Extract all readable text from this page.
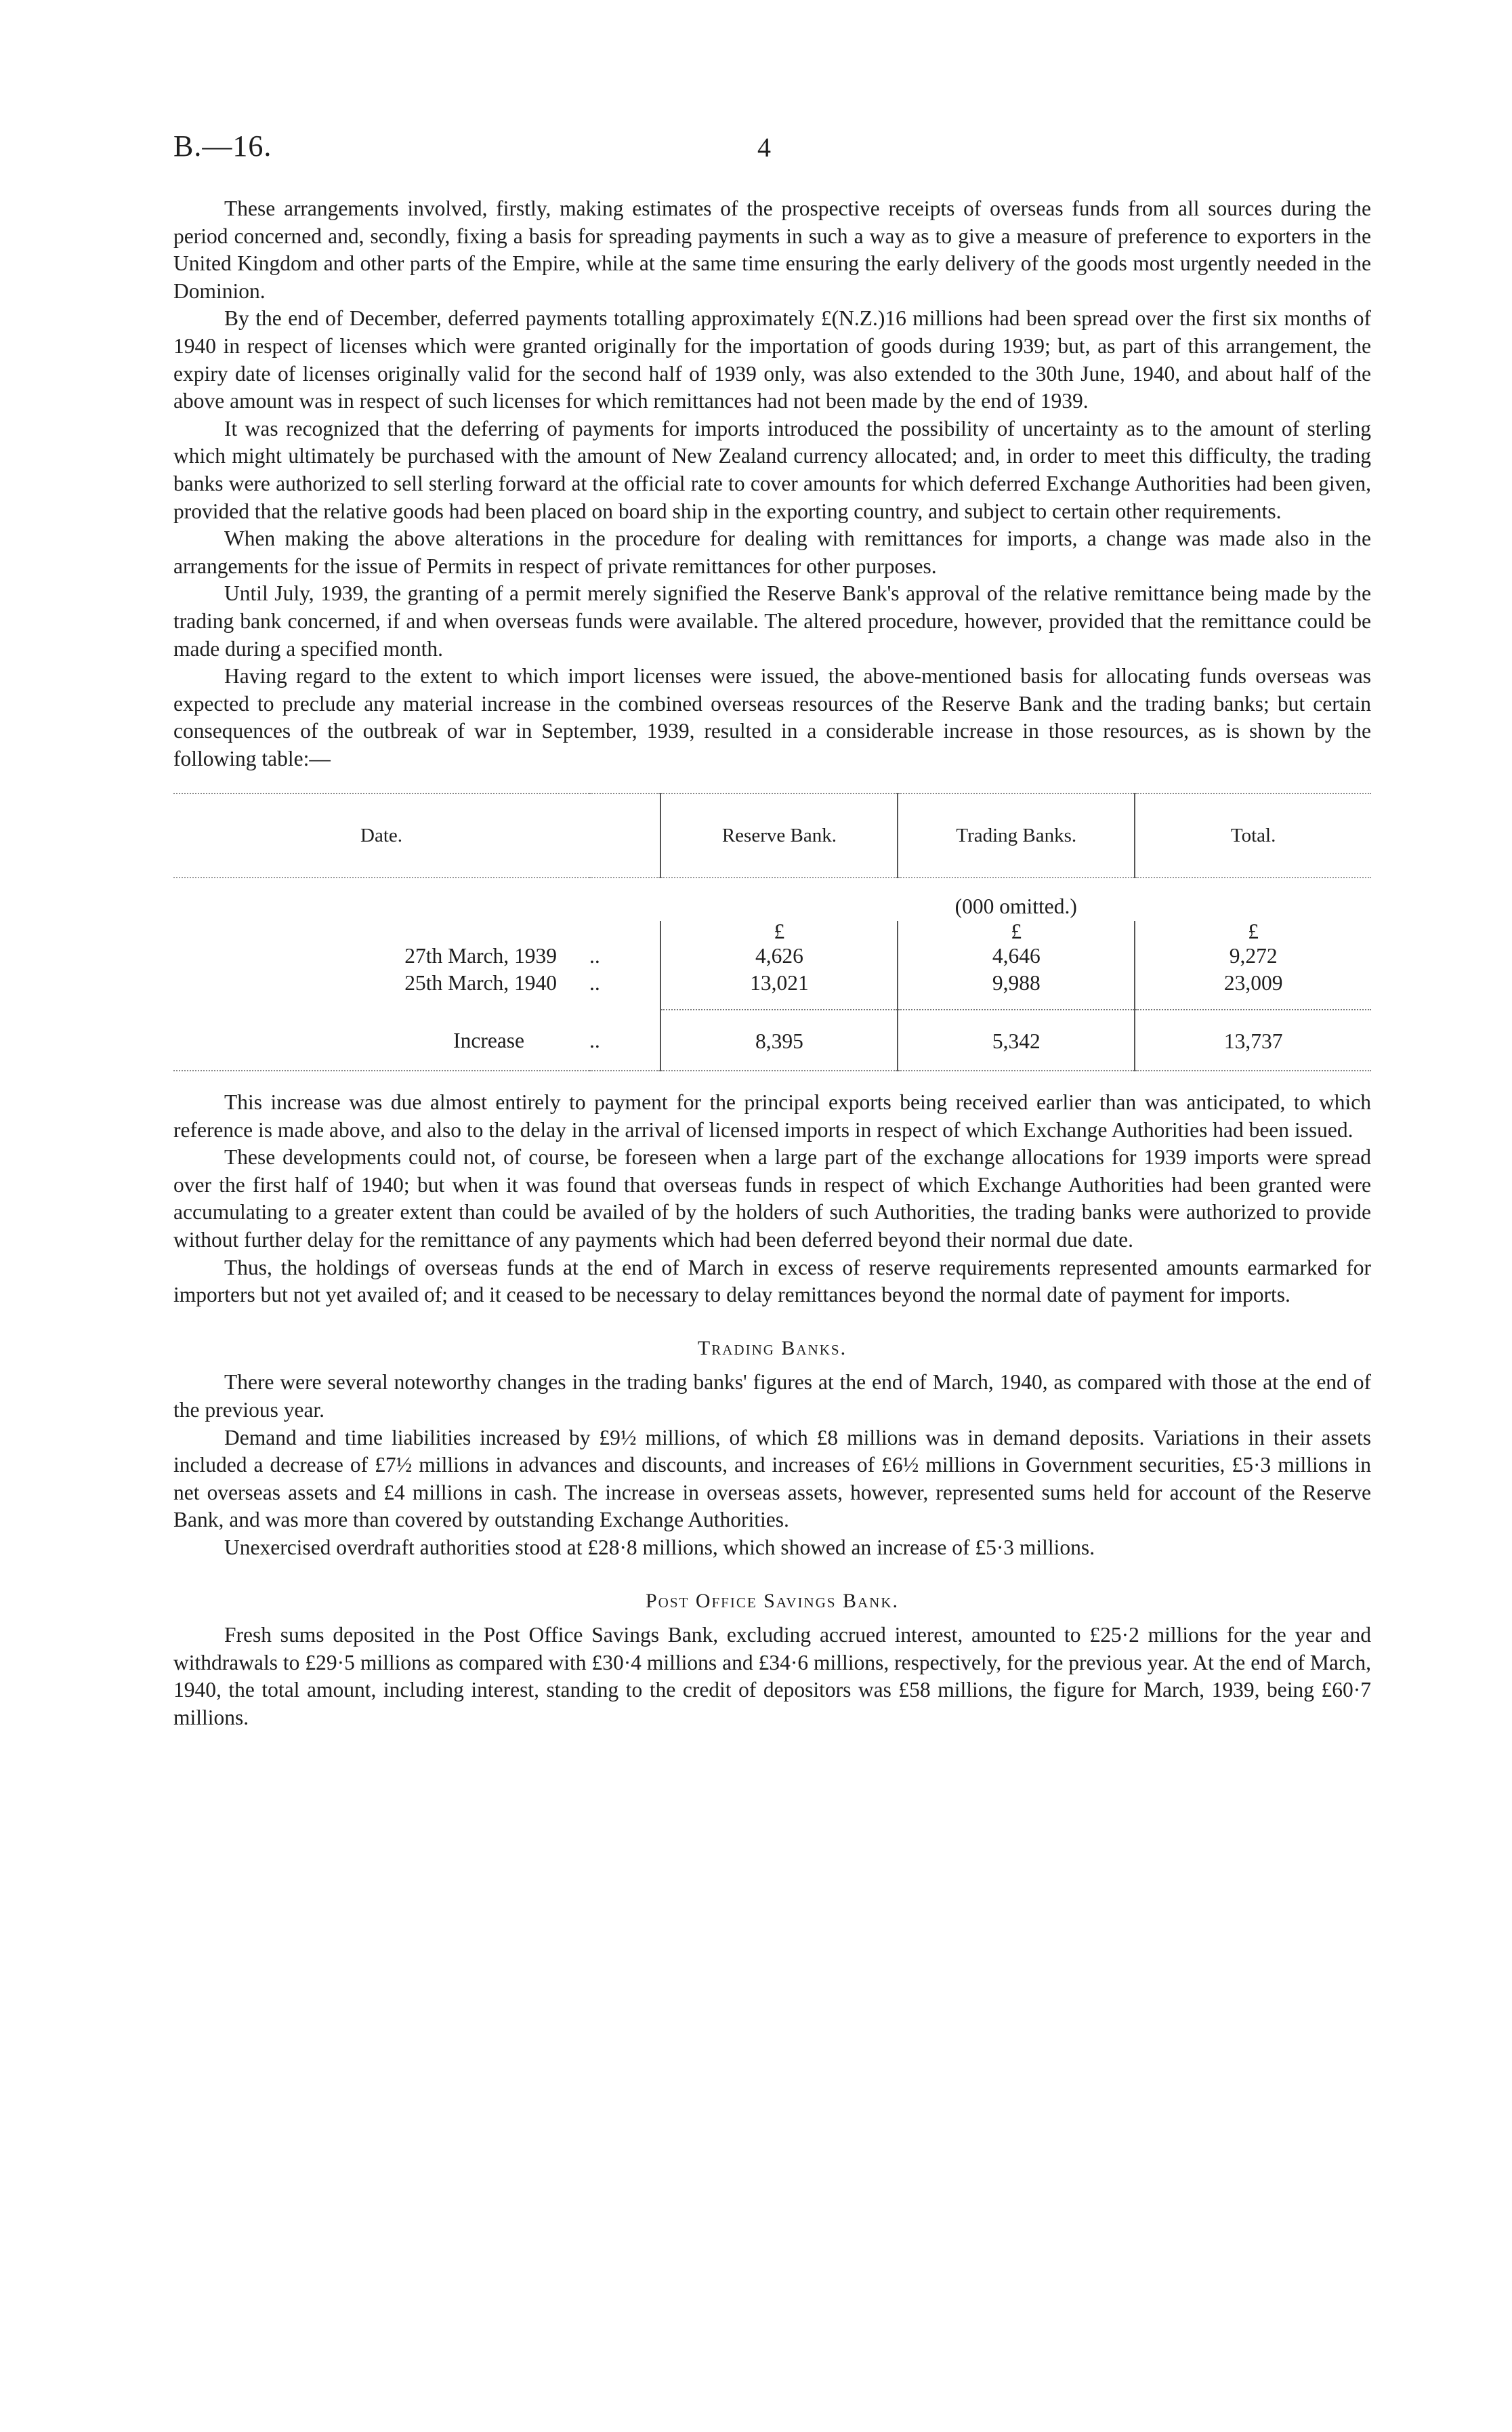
B.—16.	4

These arrangements involved, firstly, making estimates of the prospective receipts of overseas funds from all sources during the period concerned and, secondly, fixing a basis for spreading payments in such a way as to give a measure of preference to exporters in the United Kingdom and other parts of the Empire, while at the same time ensuring the early delivery of the goods most urgently needed in the Dominion.

By the end of December, deferred payments totalling approximately £(N.Z.)16 millions had been spread over the first six months of 1940 in respect of licenses which were granted originally for the importation of goods during 1939; but, as part of this arrangement, the expiry date of licenses originally valid for the second half of 1939 only, was also extended to the 30th June, 1940, and about half of the above amount was in respect of such licenses for which remittances had not been made by the end of 1939.

It was recognized that the deferring of payments for imports introduced the possibility of uncertainty as to the amount of sterling which might ultimately be purchased with the amount of New Zealand currency allocated; and, in order to meet this difficulty, the trading banks were authorized to sell sterling forward at the official rate to cover amounts for which deferred Exchange Authorities had been given, provided that the relative goods had been placed on board ship in the exporting country, and subject to certain other requirements.

When making the above alterations in the procedure for dealing with remittances for imports, a change was made also in the arrangements for the issue of Permits in respect of private remittances for other purposes.

Until July, 1939, the granting of a permit merely signified the Reserve Bank's approval of the relative remittance being made by the trading bank concerned, if and when overseas funds were available. The altered procedure, however, provided that the remittance could be made during a specified month.

Having regard to the extent to which import licenses were issued, the above-mentioned basis for allocating funds overseas was expected to preclude any material increase in the combined overseas resources of the Reserve Bank and the trading banks; but certain consequences of the outbreak of war in September, 1939, resulted in a considerable increase in those resources, as is shown by the following table:—

Date.		Reserve Bank.	Trading Banks.	Total.
		(000 omitted.)		
		£	£	£
27th March, 1939	..	4,626	4,646	9,272
25th March, 1940	..	13,021	9,988	23,009

Increase	..	8,395	5,342	13,737

This increase was due almost entirely to payment for the principal exports being received earlier than was anticipated, to which reference is made above, and also to the delay in the arrival of licensed imports in respect of which Exchange Authorities had been issued.

These developments could not, of course, be foreseen when a large part of the exchange allocations for 1939 imports were spread over the first half of 1940; but when it was found that overseas funds in respect of which Exchange Authorities had been granted were accumulating to a greater extent than could be availed of by the holders of such Authorities, the trading banks were authorized to provide without further delay for the remittance of any payments which had been deferred beyond their normal due date.

Thus, the holdings of overseas funds at the end of March in excess of reserve requirements represented amounts earmarked for importers but not yet availed of; and it ceased to be necessary to delay remittances beyond the normal date of payment for imports.

Trading Banks.

There were several noteworthy changes in the trading banks' figures at the end of March, 1940, as compared with those at the end of the previous year.

Demand and time liabilities increased by £9½ millions, of which £8 millions was in demand deposits. Variations in their assets included a decrease of £7½ millions in advances and discounts, and increases of £6½ millions in Government securities, £5·3 millions in net overseas assets and £4 millions in cash. The increase in overseas assets, however, represented sums held for account of the Reserve Bank, and was more than covered by outstanding Exchange Authorities.

Unexercised overdraft authorities stood at £28·8 millions, which showed an increase of £5·3 millions.

Post Office Savings Bank.

Fresh sums deposited in the Post Office Savings Bank, excluding accrued interest, amounted to £25·2 millions for the year and withdrawals to £29·5 millions as compared with £30·4 millions and £34·6 millions, respectively, for the previous year. At the end of March, 1940, the total amount, including interest, standing to the credit of depositors was £58 millions, the figure for March, 1939, being £60·7 millions.
